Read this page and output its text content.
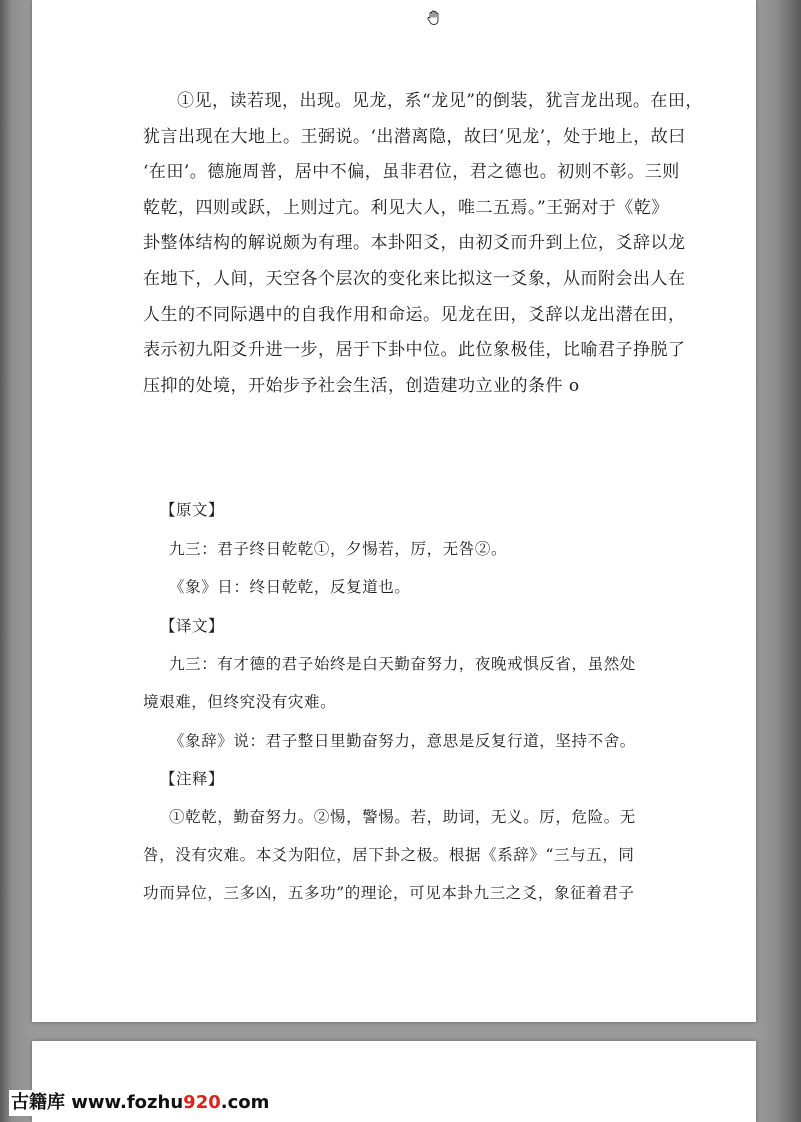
①见，读若现，出现。见龙，系“龙见”的倒装，犹言龙出现。在田，
犹言出现在大地上。王弼说。‘出潜离隐，故曰‘见龙’，处于地上，故曰
‘在田’。德施周普，居中不偏，虽非君位，君之德也。初则不彰。三则
乾乾，四则或跃，上则过亢。利见大人，唯二五焉。”王弼对于《乾》
卦整体结构的解说颇为有理。本卦阳爻，由初爻而升到上位，爻辞以龙
在地下，人间，天空各个层次的变化来比拟这一爻象，从而附会出人在
人生的不同际遇中的自我作用和命运。见龙在田，爻辞以龙出潜在田，
表示初九阳爻升进一步，居于下卦中位。此位象极佳，比喻君子挣脱了
压抑的处境，开始步予社会生活，创造建功立业的条件 o
【原文】
九三：君子终日乾乾①，夕惕若，厉，无咎②。
《象》日：终日乾乾，反复道也。
【译文】
九三：有才德的君子始终是白天勤奋努力，夜晚戒惧反省，虽然处
境艰难，但终究没有灾难。
《象辞》说：君子整日里勤奋努力，意思是反复行道，坚持不舍。
【注释】
①乾乾，勤奋努力。②惕，警惕。若，助词，无义。厉，危险。无
咎，没有灾难。本爻为阳位，居下卦之极。根据《系辞》“三与五，同
功而异位，三多凶，五多功”的理论，可见本卦九三之爻，象征着君子
古籍库 www.fozhu920.com
